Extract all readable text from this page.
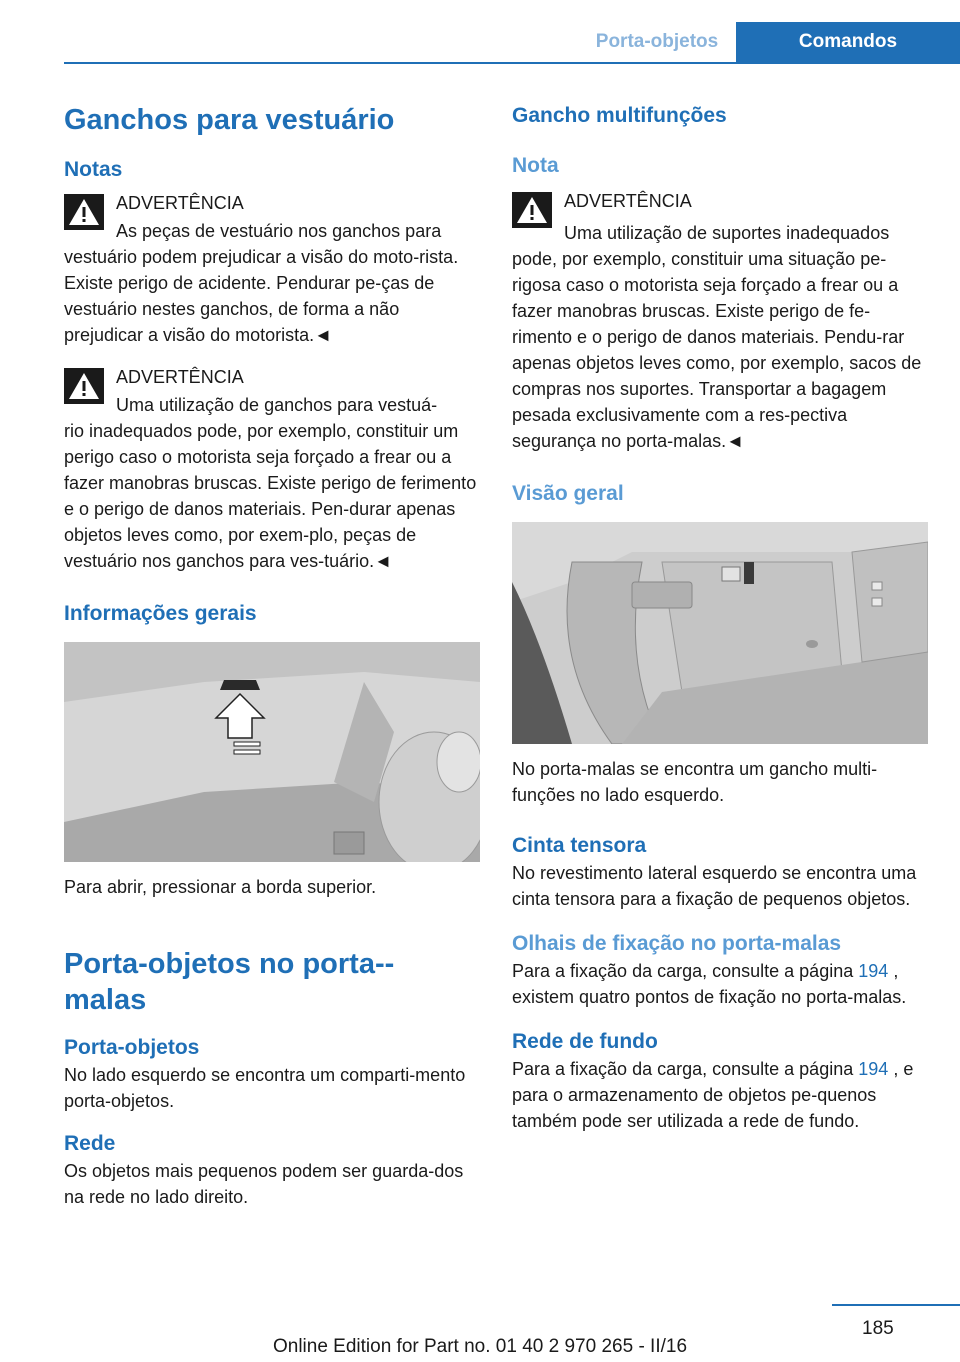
Porta-objetos	Comandos
Ganchos para vestuário
Notas
ADVERTÊNCIA
As peças de vestuário nos ganchos para

vestuário podem prejudicar a visão do moto-rista. Existe perigo de acidente. Pendurar pe-ças de vestuário nestes ganchos, de forma a não prejudicar a visão do motorista.◄

ADVERTÊNCIA
Uma utilização de ganchos para vestuá-

rio inadequados pode, por exemplo, constituir um perigo caso o motorista seja forçado a frear ou a fazer manobras bruscas. Existe perigo de ferimento e o perigo de danos materiais. Pen-durar apenas objetos leves como, por exem-plo, peças de vestuário nos ganchos para ves-tuário.◄

Informações gerais

Para abrir, pressionar a borda superior.

Porta-objetos no porta--malas
Porta-objetos

No lado esquerdo se encontra um comparti-mento porta-objetos.

Rede

Os objetos mais pequenos podem ser guarda-dos na rede no lado direito.

Gancho multifunções
Nota
ADVERTÊNCIA
Uma utilização de suportes inadequados

pode, por exemplo, constituir uma situação pe-rigosa caso o motorista seja forçado a frear ou a fazer manobras bruscas. Existe perigo de fe-rimento e o perigo de danos materiais. Pendu-rar apenas objetos leves como, por exemplo, sacos de compras nos suportes. Transportar a bagagem pesada exclusivamente com a res-pectiva segurança no porta-malas.◄

Visão geral

No porta-malas se encontra um gancho multi-funções no lado esquerdo.

Cinta tensora

No revestimento lateral esquerdo se encontra uma cinta tensora para a fixação de pequenos objetos.

Olhais de fixação no porta-malas

Para a fixação da carga, consulte a página 194 , existem quatro pontos de fixação no porta-malas.

Rede de fundo

Para a fixação da carga, consulte a página 194 , e para o armazenamento de objetos pe-quenos também pode ser utilizada a rede de fundo.

185
Online Edition for Part no. 01 40 2 970 265 - II/16
